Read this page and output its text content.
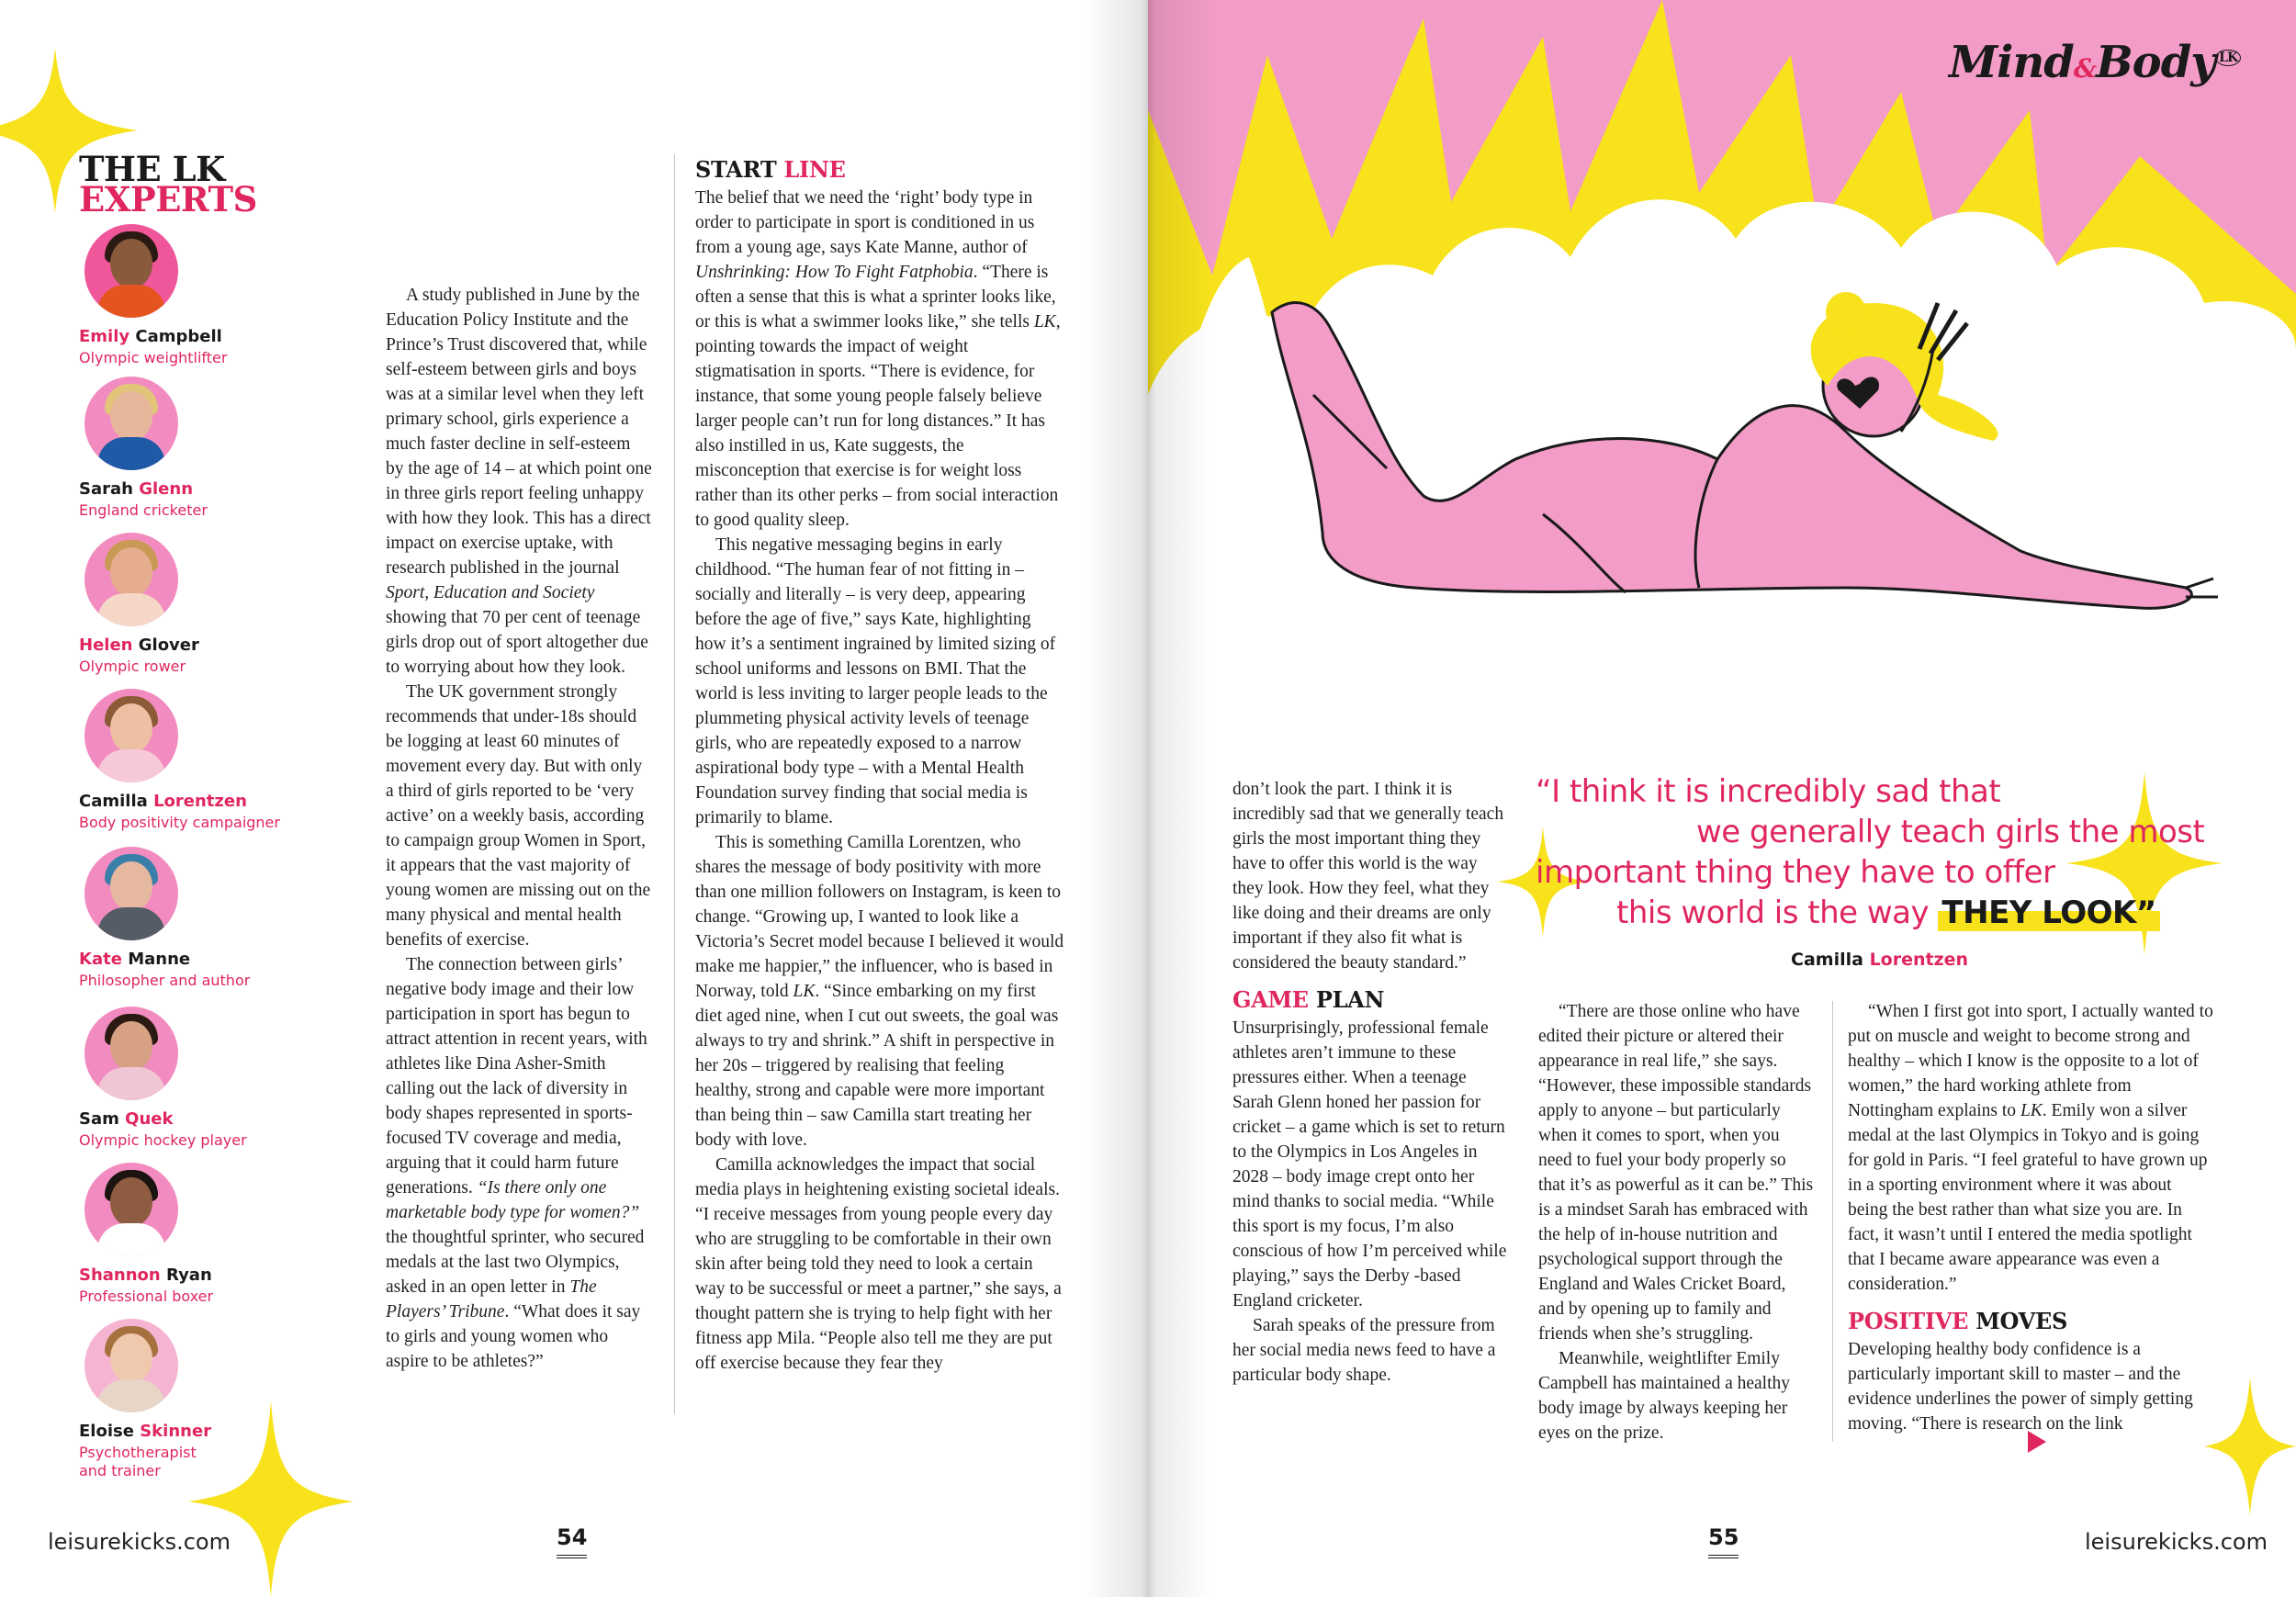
THE LK
EXPERTS
Emily Campbell
Olympic weightlifter
Sarah Glenn
England cricketer
Helen Glover
Olympic rower
Camilla Lorentzen
Body positivity campaigner
Kate Manne
Philosopher and author
Sam Quek
Olympic hockey player
Shannon Ryan
Professional boxer
Eloise Skinner
Psychotherapist and trainer

A study published in June by the Education Policy Institute and the Prince’s Trust discovered that, while self-esteem between girls and boys was at a similar level when they left primary school, girls experience a much faster decline in self-esteem by the age of 14 – at which point one in three girls report feeling unhappy with how they look. This has a direct impact on exercise uptake, with research published in the journal Sport, Education and Society showing that 70 per cent of teenage girls drop out of sport altogether due to worrying about how they look.

The UK government strongly recommends that under-18s should be logging at least 60 minutes of movement every day. But with only a third of girls reported to be ‘very active’ on a weekly basis, according to campaign group Women in Sport, it appears that the vast majority of young women are missing out on the many physical and mental health benefits of exercise.

The connection between girls’ negative body image and their low participation in sport has begun to attract attention in recent years, with athletes like Dina Asher-Smith calling out the lack of diversity in body shapes represented in sports-focused TV coverage and media, arguing that it could harm future generations. “Is there only one marketable body type for women?” the thoughtful sprinter, who secured medals at the last two Olympics, asked in an open letter in The Players’ Tribune. “What does it say to girls and young women who aspire to be athletes?”

START LINE

The belief that we need the ‘right’ body type in order to participate in sport is conditioned in us from a young age, says Kate Manne, author of Unshrinking: How To Fight Fatphobia. “There is often a sense that this is what a sprinter looks like, or this is what a swimmer looks like,” she tells LK, pointing towards the impact of weight stigmatisation in sports. “There is evidence, for instance, that some young people falsely believe larger people can’t run for long distances.” It has also instilled in us, Kate suggests, the misconception that exercise is for weight loss rather than its other perks – from social interaction to good quality sleep.

This negative messaging begins in early childhood. “The human fear of not fitting in – socially and literally – is very deep, appearing before the age of five,” says Kate, highlighting how it’s a sentiment ingrained by limited sizing of school uniforms and lessons on BMI. That the world is less inviting to larger people leads to the plummeting physical activity levels of teenage girls, who are repeatedly exposed to a narrow aspirational body type – with a Mental Health Foundation survey finding that social media is primarily to blame.

This is something Camilla Lorentzen, who shares the message of body positivity with more than one million followers on Instagram, is keen to change. “Growing up, I wanted to look like a Victoria’s Secret model because I believed it would make me happier,” the influencer, who is based in Norway, told LK. “Since embarking on my first diet aged nine, when I cut out sweets, the goal was always to try and shrink.” A shift in perspective in her 20s – triggered by realising that feeling healthy, strong and capable were more important than being thin – saw Camilla start treating her body with love.

Camilla acknowledges the impact that social media plays in heightening existing societal ideals. “I receive messages from young people every day who are struggling to be comfortable in their own skin after being told they need to look a certain way to be successful or meet a partner,” she says, a thought pattern she is trying to help fight with her fitness app Mila. “People also tell me they are put off exercise because they fear they

leisurekicks.com	54
Mind&Body $^{LK}$
“I think it is incredibly sad that
we generally teach girls the most
important thing they have to offer
this world is the way THEY LOOK”
Camilla Lorentzen

don’t look the part. I think it is incredibly sad that we generally teach girls the most important thing they have to offer this world is the way they look. How they feel, what they like doing and their dreams are only important if they also fit what is considered the beauty standard.”

GAME PLAN

Unsurprisingly, professional female athletes aren’t immune to these pressures either. When a teenage Sarah Glenn honed her passion for cricket – a game which is set to return to the Olympics in Los Angeles in 2028 – body image crept onto her mind thanks to social media. “While this sport is my focus, I’m also conscious of how I’m perceived while playing,” says the Derby -based England cricketer.

Sarah speaks of the pressure from her social media news feed to have a particular body shape.

“There are those online who have edited their picture or altered their appearance in real life,” she says. “However, these impossible standards apply to anyone – but particularly when it comes to sport, when you need to fuel your body properly so that it’s as powerful as it can be.” This is a mindset Sarah has embraced with the help of in-house nutrition and psychological support through the England and Wales Cricket Board, and by opening up to family and friends when she’s struggling.

Meanwhile, weightlifter Emily Campbell has maintained a healthy body image by always keeping her eyes on the prize.

“When I first got into sport, I actually wanted to put on muscle and weight to become strong and healthy – which I know is the opposite to a lot of women,” the hard working athlete from Nottingham explains to LK. Emily won a silver medal at the last Olympics in Tokyo and is going for gold in Paris. “I feel grateful to have grown up in a sporting environment where it was about being the best rather than what size you are. In fact, it wasn’t until I entered the media spotlight that I became aware appearance was even a consideration.”

POSITIVE MOVES

Developing healthy body confidence is a particularly important skill to master – and the evidence underlines the power of simply getting moving. “There is research on the link

55	leisurekicks.com
